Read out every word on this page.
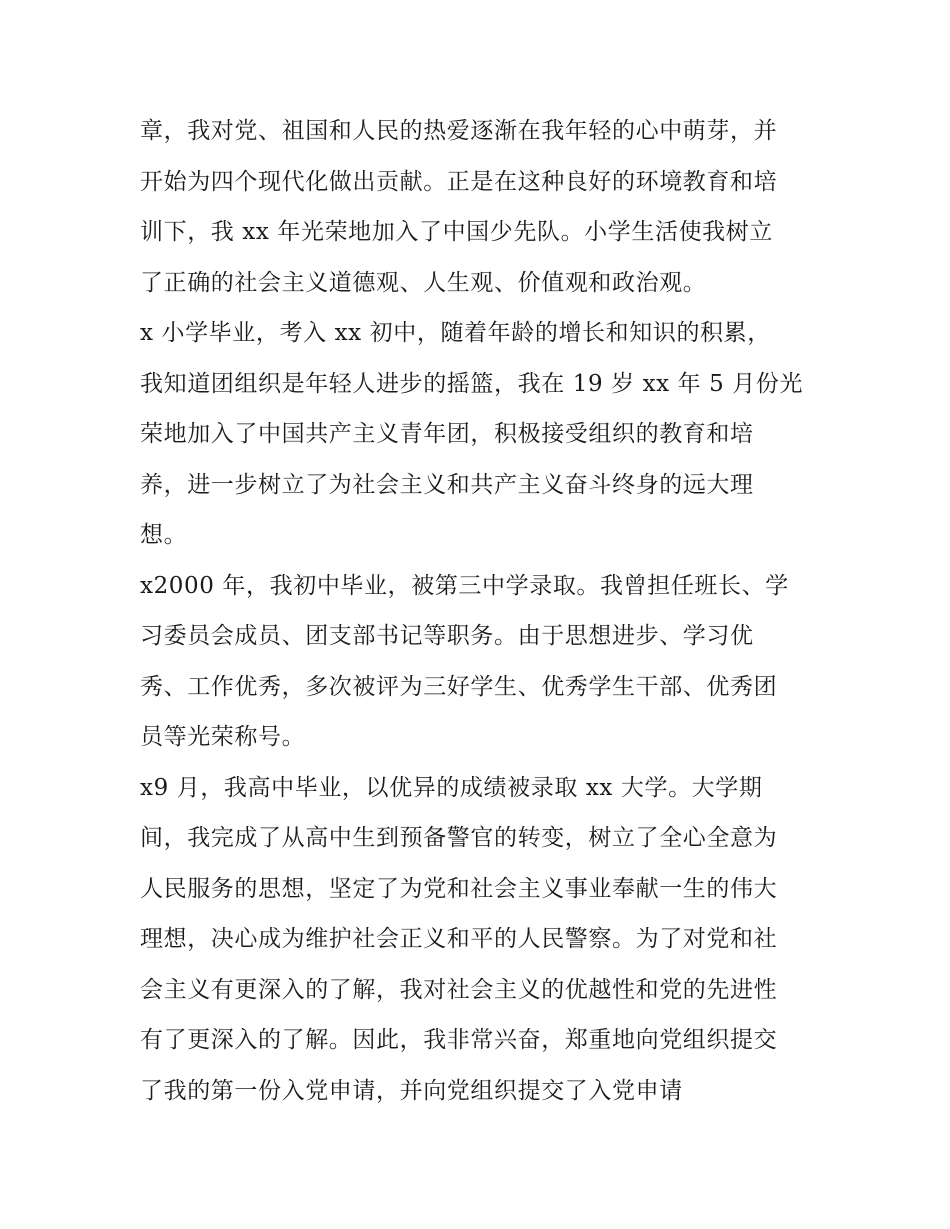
章，我对党、祖国和人民的热爱逐渐在我年轻的心中萌芽，并
开始为四个现代化做出贡献。正是在这种良好的环境教育和培
训下，我 xx 年光荣地加入了中国少先队。小学生活使我树立
了正确的社会主义道德观、人生观、价值观和政治观。
x 小学毕业，考入 xx 初中，随着年龄的增长和知识的积累，
我知道团组织是年轻人进步的摇篮，我在 19 岁 xx 年 5 月份光
荣地加入了中国共产主义青年团，积极接受组织的教育和培
养，进一步树立了为社会主义和共产主义奋斗终身的远大理
想。
x2000 年，我初中毕业，被第三中学录取。我曾担任班长、学
习委员会成员、团支部书记等职务。由于思想进步、学习优
秀、工作优秀，多次被评为三好学生、优秀学生干部、优秀团
员等光荣称号。
x9 月，我高中毕业，以优异的成绩被录取 xx 大学。大学期
间，我完成了从高中生到预备警官的转变，树立了全心全意为
人民服务的思想，坚定了为党和社会主义事业奉献一生的伟大
理想，决心成为维护社会正义和平的人民警察。为了对党和社
会主义有更深入的了解，我对社会主义的优越性和党的先进性
有了更深入的了解。因此，我非常兴奋，郑重地向党组织提交
了我的第一份入党申请，并向党组织提交了入党申请
